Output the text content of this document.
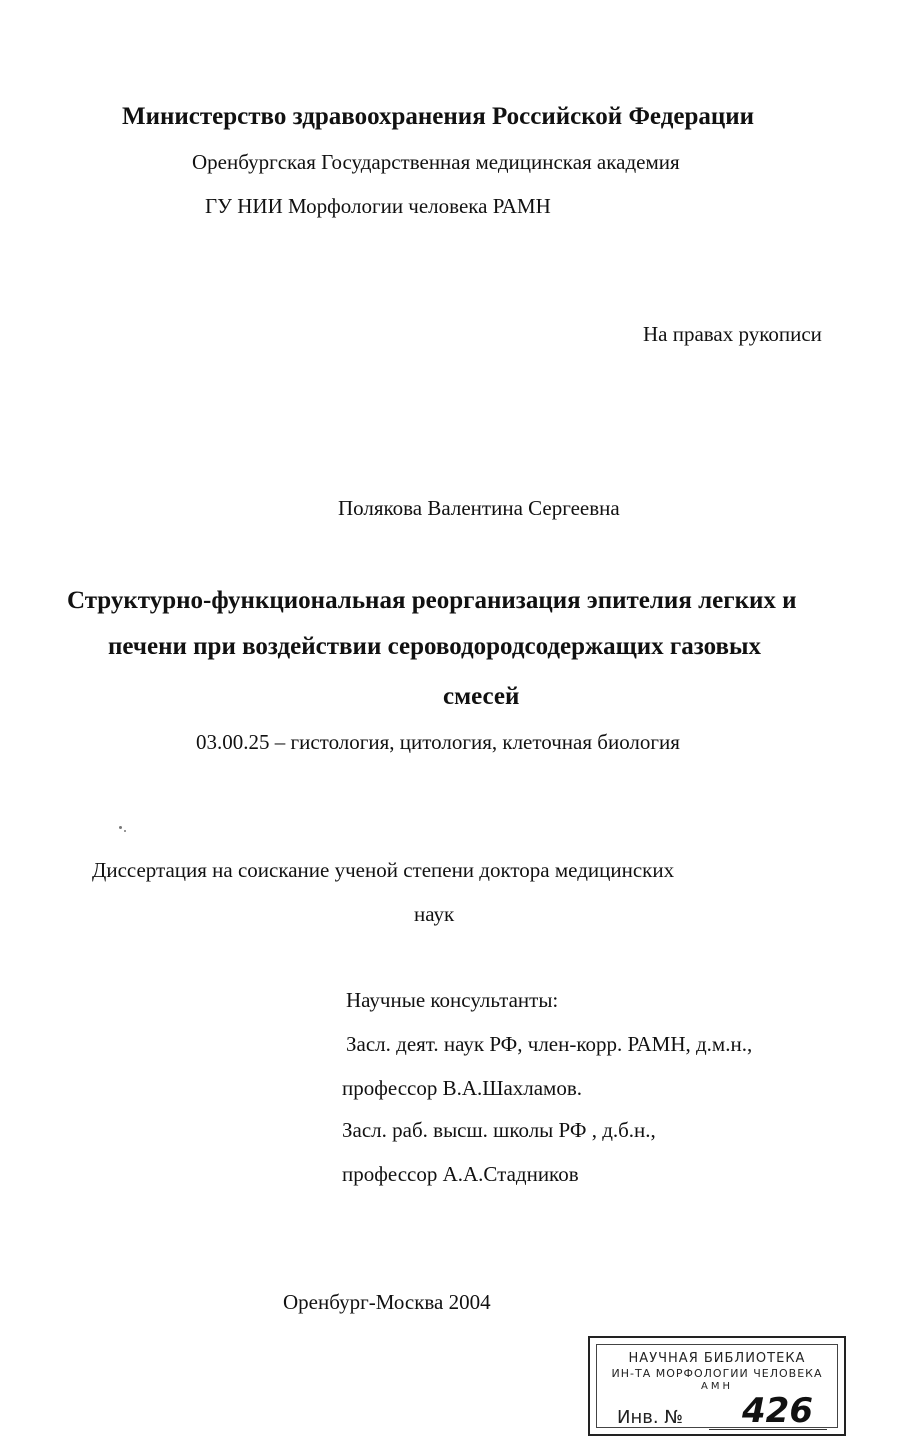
Министерство здравоохранения Российской Федерации
Оренбургская Государственная медицинская академия
ГУ НИИ Морфологии человека РАМН
На правах рукописи
Полякова Валентина Сергеевна
Структурно-функциональная реорганизация эпителия легких и
печени при воздействии сероводородсодержащих газовых
смесей
03.00.25 – гистология, цитология, клеточная биология
Диссертация на соискание ученой степени доктора медицинских
наук
Научные консультанты:
Засл. деят. наук РФ, член-корр. РАМН, д.м.н.,
профессор В.А.Шахламов.
Засл. раб. высш. школы РФ , д.б.н.,
профессор А.А.Стадников
Оренбург-Москва 2004
НАУЧНАЯ БИБЛИОТЕКА
ИН-ТА МОРФОЛОГИИ ЧЕЛОВЕКА
АМН
Инв. № 426
